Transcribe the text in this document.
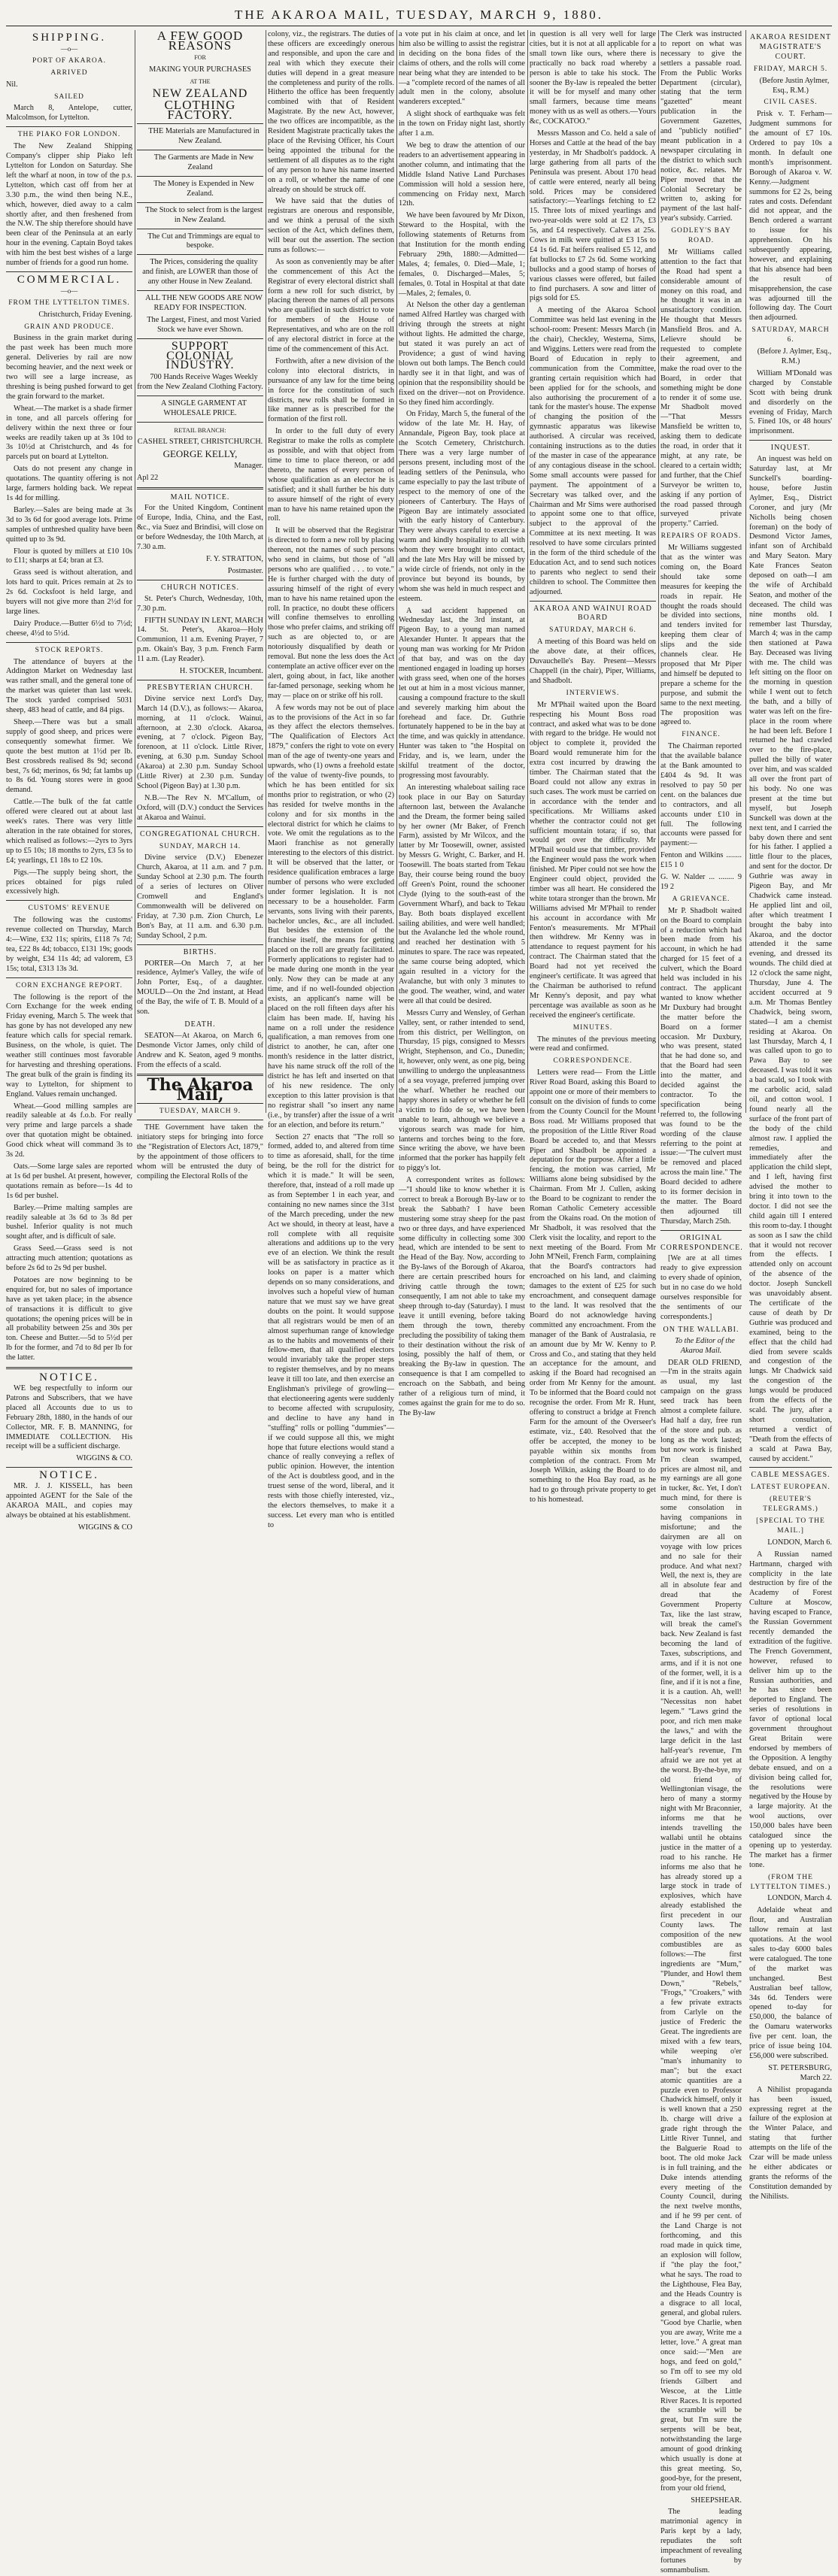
THE AKAROA MAIL, TUESDAY, MARCH 9, 1880.
SHIPPING.
—o—
PORT OF AKAROA.
ARRIVED

Nil.

SAILED

March 8, Antelope, cutter, Malcolmson, for Lyttelton.

THE PIAKO FOR LONDON.

The New Zealand Shipping Company's clipper ship Piako left Lyttelton for London on Saturday. She left the wharf at noon, in tow of the p.s. Lyttelton, which cast off from her at 3.30 p.m., the wind then being N.E., which, however, died away to a calm shortly after, and then freshened from the N.W. The ship therefore should have been clear of the Peninsula at an early hour in the evening. Captain Boyd takes with him the best best wishes of a large number of friends for a good run home.

COMMERCIAL.
—o—
FROM THE LYTTELTON TIMES.

Christchurch, Friday Evening.

GRAIN AND PRODUCE.

Business in the grain market during the past week has been much more general. Deliveries by rail are now becoming heavier, and the next week or two will see a large increase, as threshing is being pushed forward to get the grain forward to the market.

Wheat.—The market is a shade firmer in tone, and all parcels offering for delivery within the next three or four weeks are readily taken up at 3s 10d to 3s 10½d at Christchurch, and 4s for parcels put on board at Lyttelton.

Oats do not present any change in quotations. The quantity offering is not large, farmers holding back. We repeat 1s 4d for milling.

Barley.—Sales are being made at 3s 3d to 3s 6d for good average lots. Prime samples of unthreshed quality have been quitted up to 3s 9d.

Flour is quoted by millers at £10 10s to £11; sharps at £4; bran at £3.

Grass seed is without alteration, and lots hard to quit. Prices remain at 2s to 2s 6d. Cocksfoot is held large, and buyers will not give more than 2½d for large lines.

Dairy Produce.—Butter 6½d to 7½d; cheese, 4½d to 5½d.

STOCK REPORTS.

The attendance of buyers at the Addington Market on Wednesday last was rather small, and the general tone of the market was quieter than last week. The stock yarded comprised 5031 sheep, 483 head of cattle, and 84 pigs.

Sheep.—There was but a small supply of good sheep, and prices were consequently somewhat firmer. We quote the best mutton at 1½d per lb. Best crossbreds realised 8s 9d; second best, 7s 6d; merinos, 6s 9d; fat lambs up to 8s 6d. Young stores were in good demand.

Cattle.—The bulk of the fat cattle offered were cleared out at about last week's rates. There was very little alteration in the rate obtained for stores, which realised as follows:—2yrs to 3yrs up to £5 10s; 18 months to 2yrs, £3 5s to £4; yearlings, £1 18s to £2 10s.

Pigs.—The supply being short, the prices obtained for pigs ruled excessively high.

CUSTOMS' REVENUE

The following was the customs' revenue collected on Thursday, March 4:—Wine, £32 11s; spirits, £118 7s 7d; tea, £22 8s 4d; tobacco, £131 19s; goods by weight, £34 11s 4d; ad valorem, £3 15s; total, £313 13s 3d.

CORN EXCHANGE REPORT.

The following is the report of the Corn Exchange for the week ending Friday evening, March 5. The week that has gone by has not developed any new feature which calls for special remark. Business, on the whole, is quiet. The weather still continues most favorable for harvesting and threshing operations. The great bulk of the grain is finding its way to Lyttelton, for shipment to England. Values remain unchanged.

Wheat.—Good milling samples are readily saleable at 4s f.o.b. For really very prime and large parcels a shade over that quotation might be obtained. Good chick wheat will command 3s to 3s 2d.

Oats.—Some large sales are reported at 1s 6d per bushel. At present, however, quotations remain as before—1s 4d to 1s 6d per bushel.

Barley.—Prime malting samples are readily saleable at 3s 6d to 3s 8d per bushel. Inferior quality is not much sought after, and is difficult of sale.

Grass Seed.—Grass seed is not attracting much attention; quotations as before 2s 6d to 2s 9d per bushel.

Potatoes are now beginning to be enquired for, but no sales of importance have as yet taken place; in the absence of transactions it is difficult to give quotations; the opening prices will be in all probability between 25s and 30s per ton. Cheese and Butter.—5d to 5½d per lb for the former, and 7d to 8d per lb for the latter.

NOTICE.

WE beg respectfully to inform our Patrons and Subscribers, that we have placed all Accounts due to us to February 28th, 1880, in the hands of our Collector, MR. F. B. MANNING, for IMMEDIATE COLLECTION. His receipt will be a sufficient discharge.

WIGGINS & CO.

NOTICE.

MR. J. J. KISSELL, has been appointed AGENT for the Sale of the AKAROA MAIL, and copies may always be obtained at his establishment.

WIGGINS & CO

A FEW GOOD REASONS
FOR
MAKING YOUR PURCHASES
AT THE
NEW ZEALAND
CLOTHING FACTORY.

THE Materials are Manufactured in New Zealand.

The Garments are Made in New Zealand

The Money is Expended in New Zealand.

The Stock to select from is the largest in New Zealand.

The Cut and Trimmings are equal to bespoke.

The Prices, considering the quality and finish, are LOWER than those of any other House in New Zealand.

ALL THE NEW GOODS ARE NOW READY FOR INSPECTION.

The Largest, Finest, and most Varied Stock we have ever Shown.

SUPPORT COLONIAL INDUSTRY.

700 Hands Receive Wages Weekly from the New Zealand Clothing Factory.

A SINGLE GARMENT AT WHOLESALE PRICE.

RETAIL BRANCH:
CASHEL STREET, CHRISTCHURCH.
GEORGE KELLY,

Manager.

Apl 22

MAIL NOTICE.

For the United Kingdom, Continent of Europe, India, China, and the East, &c., via Suez and Brindisi, will close on or before Wednesday, the 10th March, at 7.30 a.m.

F. Y. STRATTON,

Postmaster.

CHURCH NOTICES.

St. Peter's Church, Wednesday, 10th, 7.30 p.m.

FIFTH SUNDAY IN LENT, MARCH 14. St. Peter's, Akaroa—Holy Communion, 11 a.m. Evening Prayer, 7 p.m. Okain's Bay, 3 p.m. French Farm 11 a.m. (Lay Reader).

H. STOCKER, Incumbent.

PRESBYTERIAN CHURCH.

Divine service next Lord's Day, March 14 (D.V.), as follows:— Akaroa, morning, at 11 o'clock. Wainui, afternoon, at 2.30 o'clock. Akaroa, evening, at 7 o'clock. Pigeon Bay, forenoon, at 11 o'clock. Little River, evening, at 6.30 p.m. Sunday School (Akaroa) at 2.30 p.m. Sunday School (Little River) at 2.30 p.m. Sunday School (Pigeon Bay) at 1.30 p.m.

N.B.—The Rev N. M'Callum, of Oxford, will (D.V.) conduct the Services at Akaroa and Wainui.

CONGREGATIONAL CHURCH.
SUNDAY, MARCH 14.

Divine service (D.V.) Ebenezer Church, Akaroa, at 11 a.m. and 7 p.m. Sunday School at 2.30 p.m. The fourth of a series of lectures on Oliver Cromwell and England's Commonwealth will be delivered on Friday, at 7.30 p.m. Zion Church, Le Bon's Bay, at 11 a.m. and 6.30 p.m. Sunday School, 2 p.m.

BIRTHS.

PORTER—On March 7, at her residence, Aylmer's Valley, the wife of John Porter, Esq., of a daughter. MOULD—On the 2nd instant, at Head of the Bay, the wife of T. B. Mould of a son.

DEATH.

SEATON—At Akaroa, on March 6, Desmonde Victor James, only child of Andrew and K. Seaton, aged 9 months. From the effects of a scald.

The Akaroa Mail,
TUESDAY, MARCH 9.

THE Government have taken the initiatory steps for bringing into force the "Registration of Electors Act, 1879," by the appointment of those officers to whom will be entrusted the duty of compiling the Electoral Rolls of the

colony, viz., the registrars. The duties of these officers are exceedingly onerous and responsible, and upon the care and zeal with which they execute their duties will depend in a great measure the completeness and purity of the rolls. Hitherto the office has been frequently combined with that of Resident Magistrate. By the new Act, however, the two offices are incompatible, as the Resident Magistrate practically takes the place of the Revising Officer, his Court being appointed the tribunal for the settlement of all disputes as to the right of any person to have his name inserted on a roll, or whether the name of one already on should be struck off.

We have said that the duties of registrars are onerous and responsible, and we think a perusal of the sixth section of the Act, which defines them, will bear out the assertion. The section runs as follows:—

As soon as conveniently may be after the commencement of this Act the Registrar of every electoral district shall form a new roll for such district, by placing thereon the names of all persons who are qualified in such district to vote for members of the House of Representatives, and who are on the roll of any electoral district in force at the time of the commencement of this Act.

Forthwith, after a new division of the colony into electoral districts, in pursuance of any law for the time being in force for the constitution of such districts, new rolls shall be formed in like manner as is prescribed for the formation of the first roll.

In order to the full duty of every Registrar to make the rolls as complete as possible, and with that object from time to time to place thereon, or add thereto, the names of every person of whose qualification as an elector he is satisfied; and it shall further be his duty to assure himself of the right of every man to have his name retained upon the roll.

It will be observed that the Registrar is directed to form a new roll by placing thereon, not the names of such persons who send in claims, but those of "all persons who are qualified . . . to vote." He is further charged with the duty of assuring himself of the right of every man to have his name retained upon the roll. In practice, no doubt these officers will confine themselves to enrolling those who prefer claims, and striking off such as are objected to, or are notoriously disqualified by death or removal. But none the less does the Act contemplate an active officer ever on the alert, going about, in fact, like another far-famed personage, seeking whom he may — place on or strike off his roll.

A few words may not be out of place as to the provisions of the Act in so far as they affect the electors themselves. "The Qualification of Electors Act 1879," confers the right to vote on every man of the age of twenty-one years and upwards, who (1) owns a freehold estate of the value of twenty-five pounds, to which he has been entitled for six months prior to registration, or who (2) has resided for twelve months in the colony and for six months in the electoral district for which he claims to vote. We omit the regulations as to the Maori franchise as not generally interesting to the electors of this district. It will be observed that the latter, or residence qualification embraces a large number of persons who were excluded under former legislation. It is not necessary to be a householder. Farm servants, sons living with their parents, bachelor uncles, &c., are all included. But besides the extension of the franchise itself, the means for getting placed on the roll are greatly facilitated. Formerly applications to register had to be made during one month in the year only. Now they can be made at any time, and if no well-founded objection exists, an applicant's name will be placed on the roll fifteen days after his claim has been made. If, having his name on a roll under the residence qualification, a man removes from one district to another, he can, after one month's residence in the latter district, have his name struck off the roll of the district he has left and inserted on that of his new residence. The only exception to this latter provision is that no registrar shall "so insert any name (i.e., by transfer) after the issue of a writ for an election, and before its return."

Section 27 enacts that "The roll so formed, added to, and altered from time to time as aforesaid, shall, for the time being, be the roll for the district for which it is made." It will be seen, therefore, that, instead of a roll made up as from September 1 in each year, and containing no new names since the 31st of the March preceding, under the new Act we should, in theory at least, have a roll complete with all requisite alterations and additions up to the very eve of an election. We think the result will be as satisfactory in practice as it looks on paper is a matter which depends on so many considerations, and involves such a hopeful view of human nature that we must say we have great doubts on the point. It would suppose that all registrars would be men of an almost superhuman range of knowledge as to the habits and movements of their fellow-men, that all qualified electors would invariably take the proper steps to register themselves, and by no means leave it till too late, and then exercise an Englishman's privilege of growling—that electioneering agents were suddenly to become affected with scrupulosity, and decline to have any hand in "stuffing" rolls or polling "dummies"—if we could suppose all this, we might hope that future elections would stand a chance of really conveying a reflex of public opinion. However, the intention of the Act is doubtless good, and in the truest sense of the word, liberal, and it rests with those chiefly interested, viz., the electors themselves, to make it a success. Let every man who is entitled to

a vote put in his claim at once, and let him also be willing to assist the registrar in deciding on the bona fides of the claims of others, and the rolls will come near being what they are intended to be—a "complete record of the names of all adult men in the colony, absolute wanderers excepted."

A slight shock of earthquake was felt in the town on Friday night last, shortly after 1 a.m.

We beg to draw the attention of our readers to an advertisement appearing in another column, and intimating that the Middle Island Native Land Purchases Commission will hold a session here, commencing on Friday next, March 12th.

We have been favoured by Mr Dixon, Steward to the Hospital, with the following statements of Returns from that Institution for the month ending February 29th, 1880:—Admitted—Males, 4; females, 0. Died—Male, 1; females, 0. Discharged—Males, 5; females, 0. Total in Hospital at that date—Males, 2; females, 0.

At Nelson the other day a gentleman named Alfred Hartley was charged with driving through the streets at night without lights. He admitted the charge, but stated it was purely an act of Providence; a gust of wind having blown out both lamps. The Bench could hardly see it in that light, and was of opinion that the responsibility should be fixed on the driver—not on Providence. So they fined him accordingly.

On Friday, March 5, the funeral of the widow of the late Mr. H. Hay, of Annandale, Pigeon Bay, took place at the Scotch Cemetery, Christchurch. There was a very large number of persons present, including most of the leading settlers of the Peninsula, who came especially to pay the last tribute of respect to the memory of one of the pioneers of Canterbury. The Hays of Pigeon Bay are intimately associated with the early history of Canterbury. They were always careful to exercise a warm and kindly hospitality to all with whom they were brought into contact, and the late Mrs Hay will be missed by a wide circle of friends, not only in the province but beyond its bounds, by whom she was held in much respect and esteem.

A sad accident happened on Wednesday last, the 3rd instant, at Pigeon Bay, to a young man named Alexander Hunter. It appears that the young man was working for Mr Pridon of that bay, and was on the day mentioned engaged in loading up horses with grass seed, when one of the horses let out at him in a most vicious manner, causing a compound fracture to the skull and severely marking him about the forehead and face. Dr. Guthrie fortunately happened to be in the bay at the time, and was quickly in attendance. Hunter was taken to "the Hospital on Friday, and is, we learn, under the skilful treatment of the doctor, progressing most favourably.

An interesting whaleboat sailing race took place in our Bay on Saturday afternoon last, between the Avalanche and the Dream, the former being sailed by her owner (Mr Baker, of French Farm), assisted by Mr Wilcox, and the latter by Mr Toosewill, owner, assisted by Messrs G. Wright, C. Barker, and H. Toosewill. The boats started from Tekau Bay, their course being round the buoy off Green's Point, round the schooner Clyde (lying to the south-east of the Government Wharf), and back to Tekau Bay. Both boats displayed excellent sailing abilities, and were well handled; but the Avalanche led the whole round, and reached her destination with 5 minutes to spare. The race was repeated, the same course being adopted, which again resulted in a victory for the Avalanche, but with only 3 minutes to the good. The weather, wind, and water were all that could be desired.

Messrs Curry and Wensley, of Gerhan Valley, sent, or rather intended to send, from this district, per Wellington, on Thursday, 15 pigs, consigned to Messrs Wright, Stephenson, and Co., Dunedin; it, however, only went, as one pig, being unwilling to undergo the unpleasantness of a sea voyage, preferred jumping over the wharf. Whether he reached our happy shores in safety or whether he fell a victim to fido de se, we have been unable to learn, although we believe a vigorous search was made for him, lanterns and torches being to the fore. Since writing the above, we have been informed that the porker has happily felt to piggy's lot.

A correspondent writes as follows:—"I should like to know whether it is correct to break a Borough By-law or to break the Sabbath? I have been mustering some stray sheep for the past two or three days, and have experienced some difficulty in collecting some 300 head, which are intended to be sent to the Head of the Bay. Now, according to the By-laws of the Borough of Akaroa, there are certain prescribed hours for driving cattle through the town; consequently, I am not able to take my sheep through to-day (Saturday). I must leave it untill evening, before taking them through the town, thereby precluding the possibility of taking them to their destination without the risk of losing, possibly the half of them, or breaking the By-law in question. The consequence is that I am compelled to encroach on the Sabbath, and being rather of a religious turn of mind, it comes against the grain for me to do so. The By-law

in question is all very well for large cities, but it is not at all applicable for a small town like ours, where there is practically no back road whereby a person is able to take his stock. The sooner the By-law is repealed the better it will be for myself and many other small farmers, because time means money with us as well as others.—Yours &c, COCKATOO."

Messrs Masson and Co. held a sale of Horses and Cattle at the head of the bay yesterday, in Mr Shadbolt's paddock. A large gathering from all parts of the Peninsula was present. About 170 head of cattle were entered, nearly all being sold. Prices may be considered satisfactory:—Yearlings fetching to £2 15. Three lots of mixed yearlings and two-year-olds were sold at £2 17s, £3 5s, and £4 respectively. Calves at 25s. Cows in milk were quitted at £3 15s to £4 1s 6d. Fat heifers realised £5 12, and fat bullocks to £7 2s 6d. Some working bullocks and a good stamp of horses of various classes were offered, but failed to find purchasers. A sow and litter of pigs sold for £5.

A meeting of the Akaroa School Committee was held last evening in the school-room: Present: Messrs March (in the chair), Checkley, Westerna, Sims, and Wiggins. Letters were read from the Board of Education in reply to communication from the Committee, granting certain requisition which had been applied for for the schools, and also authorising the procurement of a tank for the master's house. The expense of changing the position of the gymnastic apparatus was likewise authorised. A circular was received, containing instructions as to the duties of the master in case of the appearance of any contagious disease in the school. Some small accounts were passed for payment. The appointment of a Secretary was talked over, and the Chairman and Mr Sims were authorised to appoint some one to that office, subject to the approval of the Committee at its next meeting. It was resolved to have some circulars printed in the form of the third schedule of the Education Act, and to send such notices to parents who neglect to send their children to school. The Committee then adjourned.

AKAROA AND WAINUI ROAD BOARD
SATURDAY, MARCH 6.

A meeting of this Board was held on the above date, at their offices, Duvauchelle's Bay. Present—Messrs Chappell (in the chair), Piper, Williams, and Shadbolt.

INTERVIEWS.

Mr M'Phail waited upon the Board respecting his Mount Boss road contract, and asked what was to be done with regard to the bridge. He would not object to complete it, provided the Board would remunerate him for the extra cost incurred by drawing the timber. The Chairman stated that the Board could not allow any extras in such cases. The work must be carried on in accordance with the tender and specifications. Mr Williams asked whether the contractor could not get sufficient mountain totara; if so, that would get over the difficulty. Mr M'Phail would use that timber, provided the Engineer would pass the work when finished. Mr Piper could not see how the Engineer could object, provided the timber was all heart. He considered the white totara stronger than the brown. Mr Williams advised Mr M'Phail to render his account in accordance with Mr Fenton's measurements. Mr M'Phail then withdrew. Mr Kenny was in attendance to request payment for his contract. The Chairman stated that the Board had not yet received the engineer's certificate. It was agreed that the Chairman be authorised to refund Mr Kenny's deposit, and pay what percentage was available as soon as he received the engineer's certificate.

MINUTES.

The minutes of the previous meeting were read and confirmed.

CORRESPONDENCE.

Letters were read— From the Little River Road Board, asking this Board to appoint one or more of their members to consult on the division of funds to come from the County Council for the Mount Boss road. Mr Williams proposed that the proposition of the Little River Road Board be acceded to, and that Messrs Piper and Shadbolt be appointed a deputation for the purpose. After a little fencing, the motion was carried, Mr Williams alone being subsidised by the Chairman. From Mr J. Cullen, asking the Board to be cognizant to render the Roman Catholic Cemetery accessible from the Okains road. On the motion of Mr Shadbolt, it was resolved that the Clerk visit the locality, and report to the next meeting of the Board. From Mr John M'Neil, French Farm, complaining that the Board's contractors had encroached on his land, and claiming damages to the extent of £25 for such encroachment, and consequent damage to the land. It was resolved that the Board do not acknowledge having committed any encroachment. From the manager of the Bank of Australasia, re an amount due by Mr W. Kenny to P. Cross and Co., and stating that they held an acceptance for the amount, and asking if the Board had recognised an order from Mr Kenny for the amount. To be informed that the Board could not recognise the order. From Mr R. Hunt, offering to construct a bridge at French Farm for the amount of the Overseer's estimate, viz., £40. Resolved that the offer be accepted, the money to be payable within six months from completion of the contract. From Mr Joseph Wilkin, asking the Board to do something to the Hoa Bay road, as he had to go through private property to get to his homestead.

The Clerk was instructed to report on what was necessary to give the settlers a passable road. From the Public Works Department (circular), stating that the term "gazetted" meant publication in the Government Gazettes, and "publicly notified" meant publication in a newspaper circulating in the district to which such notice, &c. relates. Mr Piper moved that the Colonial Secretary be written to, asking for payment of the last half-year's subsidy. Carried.

GODLEY'S BAY ROAD.

Mr Williams called attention to the fact that the Road had spent a considerable amount of money on this road, and he thought it was in an unsatisfactory condition. He thought that Messrs Mansfield Bros. and A. Lelievre should be requested to complete their agreement, and make the road over to the Board, in order that something might be done to render it of some use. Mr Shadbolt moved—"That Messrs Mansfield be written to, asking them to dedicate the road, in order that it might, at any rate, be cleared to a certain width; and further, that the Chief Surveyor be written to, asking if any portion of the road passed through surveyed private property." Carried.

REPAIRS OF ROADS.

Mr Williams suggested that as the winter was coming on, the Board should take some measures for keeping the roads in repair. He thought the roads should be divided into sections, and tenders invited for keeping them clear of slips and the side channels clear. He proposed that Mr Piper and himself be deputed to prepare a scheme for the purpose, and submit the same to the next meeting. The proposition was agreed to.

FINANCE.

The Chairman reported that the available balance at the Bank amounted to £404 4s 9d. It was resolved to pay 50 per cent. on the balances due to contractors, and all accounts under £10 in full. The following accounts were passed for payment:—

Fenton and Wilkins ........ £15 1 0

G. W. Nalder ... ........ 9 19 2

A GRIEVANCE.

Mr P. Shadbolt waited on the Board to complain of a reduction which had been made from his account, in which he had charged for 15 feet of a culvert, which the Board held was included in his contract. The applicant wanted to know whether Mr Duxbury had brought the matter before the Board on a former occasion. Mr Duxbury, who was present, stated that he had done so, and that the Board had seen into the matter, and decided against the contractor. To the specification being referred to, the following was found to be the wording of the clause referring to the point at issue:—"The culvert must be removed and placed across the main line." The Board decided to adhere to its former decision in the matter. The Board then adjourned till Thursday, March 25th.

ORIGINAL CORRESPONDENCE.

[We are at all times ready to give expression to every shade of opinion, but in no case do we hold ourselves responsible for the sentiments of our correspondents.]

ON THE WALLABI.

To the Editor of the Akaroa Mail.

DEAR OLD FRIEND,—I'm in the straits again as usual, my last campaign on the grass seed track has been almost a complete failure. Had half a day, free run of the store and pub. as long as the work lasted; but now work is finished I'm clean swamped, prices are almost nil, and my earnings are all gone in tucker, &c. Yet, I don't much mind, for there is some consolation in having companions in misfortune; and the dairymen are all on voyage with low prices and no sale for their produce. And what next? Well, the next is, they are all in absolute fear and dread that the Government Property Tax, like the last straw, will break the camel's back. New Zealand is fast becoming the land of Taxes, subscriptions, and arms, and if it is not one of the former, well, it is a fine, and if it is not a fine, it is a caution. Ah, well! "Necessitas non habet legem." "Laws grind the poor, and rich men make the laws," and with the large deficit in the last half-year's revenue, I'm afraid we are not yet at the worst. By-the-bye, my old friend of Wellingtonian visage, the hero of many a stormy night with Mr Braconnier, informs me that he intends travelling the wallabi until he obtains justice in the matter of a road to his ranche. He informs me also that he has already stored up a large stock in trade of explosives, which have already established the first precedent in our County laws. The composition of the new combustibles are as follows:—The first ingredients are "Mum," "Plunder, and Howl them Down," "Rebels," "Frogs," "Croakers," with a few private extracts from Carlyle on the justice of Frederic the Great. The ingredients are mixed with a few tears, while weeping o'er "man's inhumanity to man"; but the exact atomic quantities are a puzzle even to Professor Chadwick himself, only it is well known that a 250 lb. charge will drive a grade right through the Little River Tunnel, and the Balguerie Road to boot. The old moke Jack is in full training, and the Duke intends attending every meeting of the County Council, during the next twelve months, and if he 99 per cent. of the Land Charge is not forthcoming, and this road made in quick time, an explosion will follow, if "the play the foot," what he says. The road to the Lighthouse, Flea Bay, and the Heads Country is a disgrace to all local, general, and global rulers. "Good bye Charlie, when you are away, Write me a letter, love." A great man once said:—"Men are hogs, and feed on gold," so I'm off to see my old friends Gilbert and Wescoe, at the Little River Races. It is reported the scramble will be great, but I'm sure the serpents will be beat, notwithstanding the large amount of good drinking which usually is done at this great meeting. So, good-bye, for the present, from your old friend,

SHEEPSHEAR.

The leading matrimonial agency in Paris kept by a lady, repudiates the soft impeachment of revealing fortunes by somnambulism.

AKAROA RESIDENT MAGISTRATE'S COURT.
FRIDAY, MARCH 5.

(Before Justin Aylmer, Esq., R.M.)

CIVIL CASES.

Prisk v. T. Ferham—Judgment summons for the amount of £7 10s. Ordered to pay 10s a month. In default one month's imprisonment. Borough of Akaroa v. W. Kenny.—Judgment summons for £2 2s, being rates and costs. Defendant did not appear, and the Bench ordered a warrant to issue for his apprehension. On his subsequently appearing, however, and explaining that his absence had been the result of misapprehension, the case was adjourned till the following day. The Court then adjourned.

SATURDAY, MARCH 6.

(Before J. Aylmer, Esq., R.M.)

William M'Donald was charged by Constable Scott with being drunk and disorderly on the evening of Friday, March 5. Fined 10s, or 48 hours' imprisonment.

INQUEST.

An inquest was held on Saturday last, at Mr Sunckell's boarding-house, before Justin Aylmer, Esq., District Coroner, and jury (Mr Nicholls being chosen foreman) on the body of Desmond Victor James, infant son of Archibald and Mary Seaton. Mary Kate Frances Seaton deposed on oath—I am the wife of Archibald Seaton, and mother of the deceased. The child was nine months old. I remember last Thursday, March 4; was in the camp then stationed at Pawa Bay. Deceased was living with me. The child was left sitting on the floor on the morning in question while I went out to fetch the bath, and a billy of water was left on the fire-place in the room where he had been left. Before I returned he had crawled over to the fire-place, pulled the billy of water over him, and was scalded all over the front part of his body. No one was present at the time but myself, but Joseph Sunckell was down at the next tent, and I carried the baby down there and sent for his father. I applied a little flour to the places, and sent for the doctor. Dr Guthrie was away in Pigeon Bay, and Mr Chadwick came instead. He applied lint and oil, after which treatment I brought the baby into Akaroa, and the doctor attended it the same evening, and dressed its wounds. The child died at 12 o'clock the same night, Thursday, June 4. The accident occurred at 9 a.m. Mr Thomas Bentley Chadwick, being sworn, stated—I am a chemist residing at Akaroa. On last Thursday, March 4, I was called upon to go to Pawa Bay to see deceased. I was told it was a bad scald, so I took with me carbolic acid, salad oil, and cotton wool. I found nearly all the surface of the front part of the body of the child almost raw. I applied the remedies, and immediately after the application the child slept, and I left, having first advised the mother to bring it into town to the doctor. I did not see the child again till I entered this room to-day. I thought as soon as I saw the child that it would not recover from the effects. I attended only on account of the absence of the doctor. Joseph Sunckell was unavoidably absent. The certificate of the cause of death by Dr Guthrie was produced and examined, being to the effect that the child had died from severe scalds and congestion of the lungs. Mr Chadwick said the congestion of the lungs would be produced from the effects of the scald. The jury, after a short consultation, returned a verdict of "Death from the effects of a scald at Pawa Bay, caused by accident."

CABLE MESSAGES.
LATEST EUROPEAN.
(REUTER'S TELEGRAMS.)
[SPECIAL TO THE MAIL.]

LONDON, March 6.

A Russian named Hartmann, charged with complicity in the late destruction by fire of the Academy of Forest Culture at Moscow, having escaped to France, the Russian Government recently demanded the extradition of the fugitive. The French Government, however, refused to deliver him up to the Russian authorities, and he has since been deported to England. The series of resolutions in favor of optional local government throughout Great Britain were endorsed by members of the Opposition. A lengthy debate ensued, and on a division being called for, the resolutions were negatived by the House by a large majority. At the wool auctions, over 150,000 bales have been catalogued since the opening up to yesterday. The market has a firmer tone.

(FROM THE LYTTELTON TIMES.)

LONDON, March 4.

Adelaide wheat and flour, and Australian tallow remain at last quotations. At the wool sales to-day 6000 bales were catalogued. The tone of the market was unchanged. Best Australian beef tallow, 34s 6d. Tenders were opened to-day for £50,000, the balance of the Oamaru waterworks five per cent. loan, the price of issue being 104. £56,000 were subscribed.

ST. PETERSBURG, March 22.

A Nihilist propaganda has been issued, expressing regret at the failure of the explosion at the Winter Palace, and stating that further attempts on the life of the Czar will be made unless he either abdicates or grants the reforms of the Constitution demanded by the Nihilists.
